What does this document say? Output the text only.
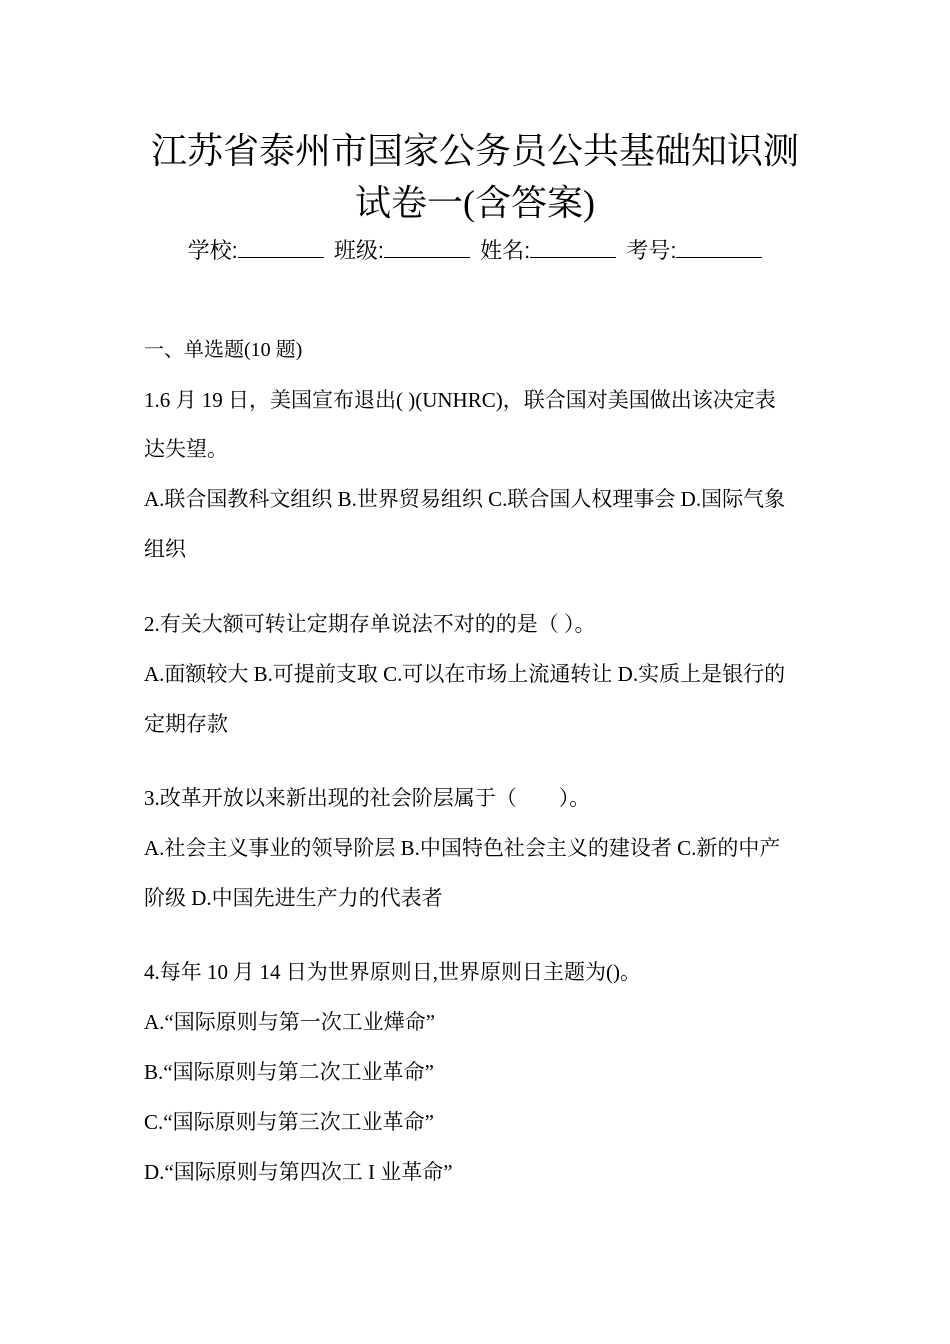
江苏省泰州市国家公务员公共基础知识测
试卷一(含答案)
学校:	班级:	姓名:	考号:
一、单选题(10 题)
1.6 月 19 日，美国宣布退出( )(UNHRC)，联合国对美国做出该决定表
达失望。
A.联合国教科文组织 B.世界贸易组织 C.联合国人权理事会 D.国际气象
组织
2.有关大额可转让定期存单说法不对的的是（ ）。
A.面额较大 B.可提前支取 C.可以在市场上流通转让 D.实质上是银行的
定期存款
3.改革开放以来新出现的社会阶层属于（　　）。
A.社会主义事业的领导阶层 B.中国特色社会主义的建设者 C.新的中产
阶级 D.中国先进生产力的代表者
4.每年 10 月 14 日为世界原则日,世界原则日主题为()。
A.“国际原则与第一次工业燁命”
B.“国际原则与第二次工业革命”
C.“国际原则与第三次工业革命”
D.“国际原则与第四次工 I 业革命”
